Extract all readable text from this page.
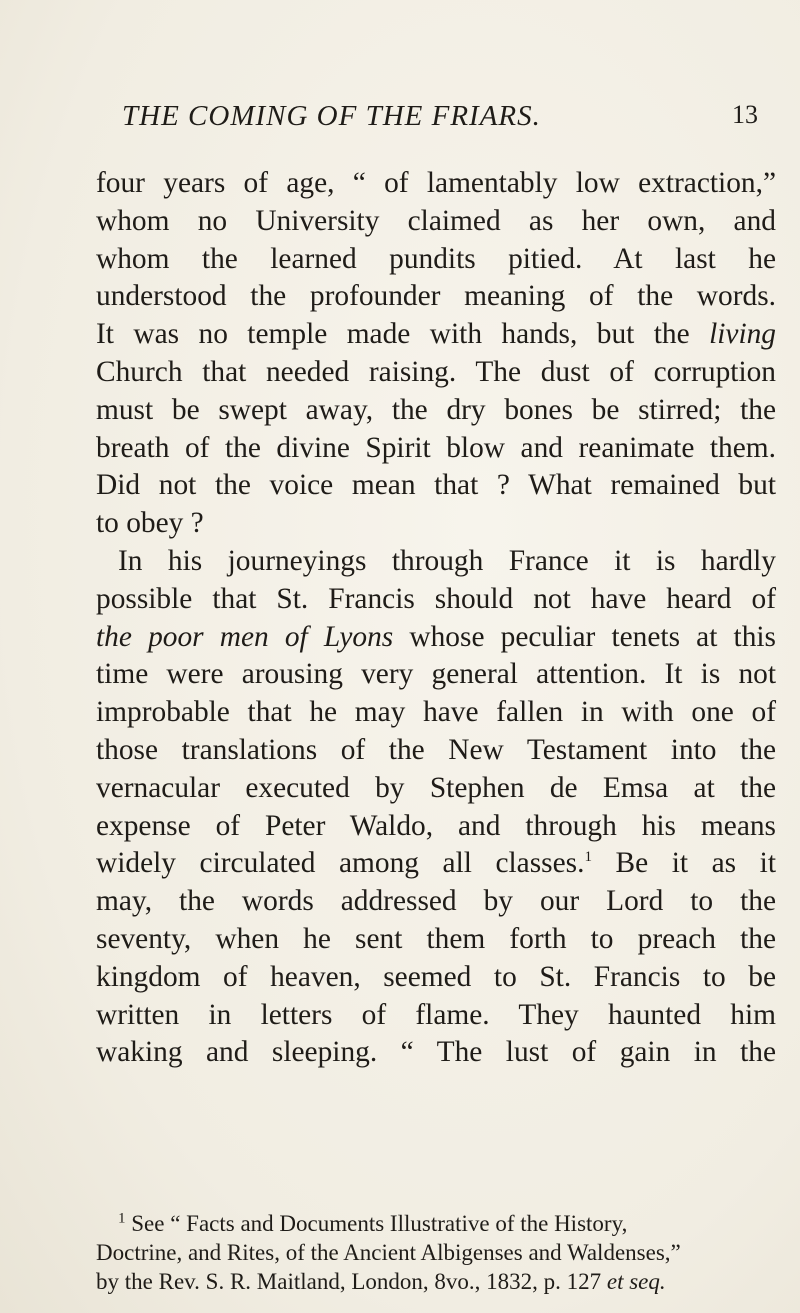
THE COMING OF THE FRIARS.	13
four years of age, “ of lamentably low extraction,”
whom no University claimed as her own, and
whom the learned pundits pitied. At last he
understood the profounder meaning of the words.
It was no temple made with hands, but the living
Church that needed raising. The dust of corruption
must be swept away, the dry bones be stirred; the
breath of the divine Spirit blow and reanimate them.
Did not the voice mean that ? What remained but
to obey ?
In his journeyings through France it is hardly
possible that St. Francis should not have heard of
the poor men of Lyons whose peculiar tenets at this
time were arousing very general attention. It is not
improbable that he may have fallen in with one of
those translations of the New Testament into the
vernacular executed by Stephen de Emsa at the
expense of Peter Waldo, and through his means
widely circulated among all classes.$^1$ Be it as it
may, the words addressed by our Lord to the
seventy, when he sent them forth to preach the
kingdom of heaven, seemed to St. Francis to be
written in letters of flame. They haunted him
waking and sleeping. “ The lust of gain in the
$^1$ See “ Facts and Documents Illustrative of the History,
Doctrine, and Rites, of the Ancient Albigenses and Waldenses,”
by the Rev. S. R. Maitland, London, 8vo., 1832, p. 127 et seq.
